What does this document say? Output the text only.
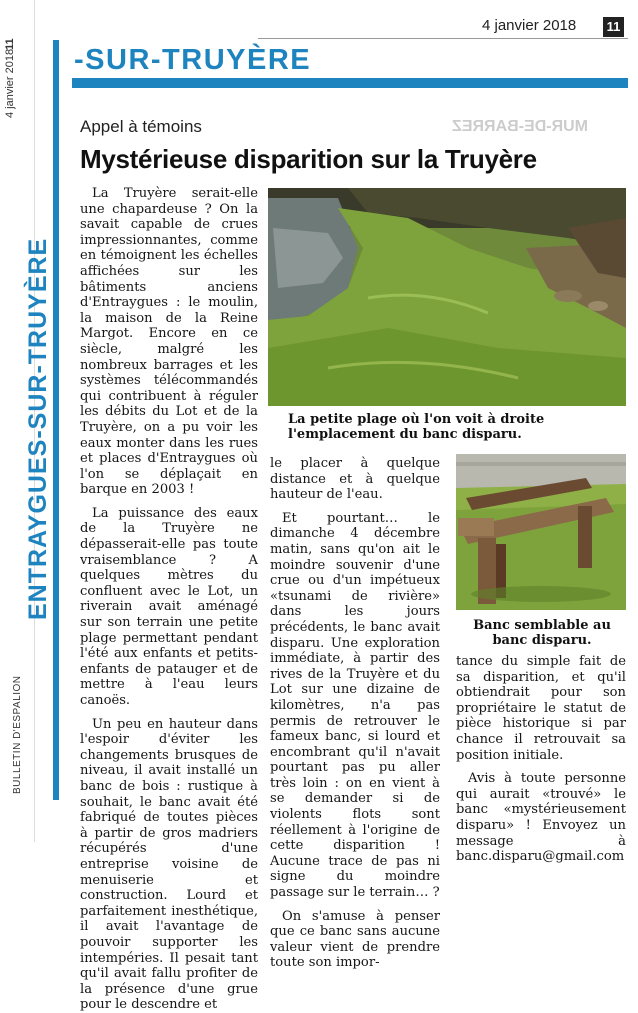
4 janvier 2018
11
BULLETIN D'ESPALION
ENTRAYGUES-SUR-TRUYÈRE
4 janvier 2018 11
-SUR-TRUYÈRE
MUR-DE-BARREZ
Appel à témoins
Mystérieuse disparition sur la Truyère

La Truyère serait-elle une chapardeuse ? On la savait capable de crues impressionnantes, comme en témoignent les échelles affichées sur les bâtiments anciens d'Entraygues : le moulin, la maison de la Reine Margot. Encore en ce siècle, malgré les nombreux barrages et les systèmes télécommandés qui contribuent à réguler les débits du Lot et de la Truyère, on a pu voir les eaux monter dans les rues et places d'Entraygues où l'on se déplaçait en barque en 2003 !

La puissance des eaux de la Truyère ne dépasserait-elle pas toute vraisemblance ? A quelques mètres du confluent avec le Lot, un riverain avait aménagé sur son terrain une petite plage permettant pendant l'été aux enfants et petits-enfants de patauger et de mettre à l'eau leurs canoës.

Un peu en hauteur dans l'espoir d'éviter les changements brusques de niveau, il avait installé un banc de bois : rustique à souhait, le banc avait été fabriqué de toutes pièces à partir de gros madriers récupérés d'une entreprise voisine de menuiserie et construction. Lourd et parfaitement inesthétique, il avait l'avantage de pouvoir supporter les intempéries. Il pesait tant qu'il avait fallu profiter de la présence d'une grue pour le descendre et

La petite plage où l'on voit à droite l'emplacement du banc disparu.

le placer à quelque distance et à quelque hauteur de l'eau.

Et pourtant… le dimanche 4 décembre matin, sans qu'on ait le moindre souvenir d'une crue ou d'un impétueux «tsunami de rivière» dans les jours précédents, le banc avait disparu. Une exploration immédiate, à partir des rives de la Truyère et du Lot sur une dizaine de kilomètres, n'a pas permis de retrouver le fameux banc, si lourd et encombrant qu'il n'avait pourtant pas pu aller très loin : on en vient à se demander si de violents flots sont réellement à l'origine de cette disparition ! Aucune trace de pas ni signe du moindre passage sur le terrain… ?

On s'amuse à penser que ce banc sans aucune valeur vient de prendre toute son impor-

Banc semblable au banc disparu.

tance du simple fait de sa disparition, et qu'il obtiendrait pour son propriétaire le statut de pièce historique si par chance il retrouvait sa position initiale.

Avis à toute personne qui aurait «trouvé» le banc «mystérieusement disparu» ! Envoyez un message à banc.disparu@gmail.com
